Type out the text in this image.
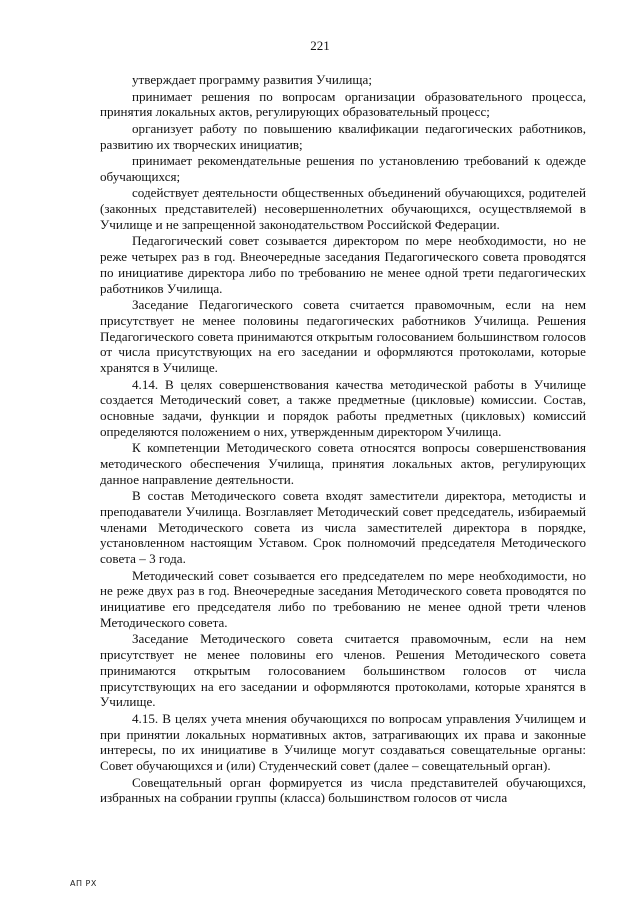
221

утверждает программу развития Училища;

принимает решения по вопросам организации образовательного процесса, принятия локальных актов, регулирующих образовательный процесс;

организует работу по повышению квалификации педагогических работников, развитию их творческих инициатив;

принимает рекомендательные решения по установлению требований к одежде обучающихся;

содействует деятельности общественных объединений обучающихся, родителей (законных представителей) несовершеннолетних обучающихся, осуществляемой в Училище и не запрещенной законодательством Российской Федерации.

Педагогический совет созывается директором по мере необходимости, но не реже четырех раз в год. Внеочередные заседания Педагогического совета проводятся по инициативе директора либо по требованию не менее одной трети педагогических работников Училища.

Заседание Педагогического совета считается правомочным, если на нем присутствует не менее половины педагогических работников Училища. Решения Педагогического совета принимаются открытым голосованием большинством голосов от числа присутствующих на его заседании и оформляются протоколами, которые хранятся в Училище.

4.14. В целях совершенствования качества методической работы в Училище создается Методический совет, а также предметные (цикловые) комиссии. Состав, основные задачи, функции и порядок работы предметных (цикловых) комиссий определяются положением о них, утвержденным директором Училища.

К компетенции Методического совета относятся вопросы совершенствования методического обеспечения Училища, принятия локальных актов, регулирующих данное направление деятельности.

В состав Методического совета входят заместители директора, методисты и преподаватели Училища. Возглавляет Методический совет председатель, избираемый членами Методического совета из числа заместителей директора в порядке, установленном настоящим Уставом. Срок полномочий председателя Методического совета – 3 года.

Методический совет созывается его председателем по мере необходимости, но не реже двух раз в год. Внеочередные заседания Методического совета проводятся по инициативе его председателя либо по требованию не менее одной трети членов Методического совета.

Заседание Методического совета считается правомочным, если на нем присутствует не менее половины его членов. Решения Методического совета принимаются открытым голосованием большинством голосов от числа присутствующих на его заседании и оформляются протоколами, которые хранятся в Училище.

4.15. В целях учета мнения обучающихся по вопросам управления Училищем и при принятии локальных нормативных актов, затрагивающих их права и законные интересы, по их инициативе в Училище могут создаваться совещательные органы: Совет обучающихся и (или) Студенческий совет (далее – совещательный орган).

Совещательный орган формируется из числа представителей обучающихся, избранных на собрании группы (класса) большинством голосов от числа

АП РХ
